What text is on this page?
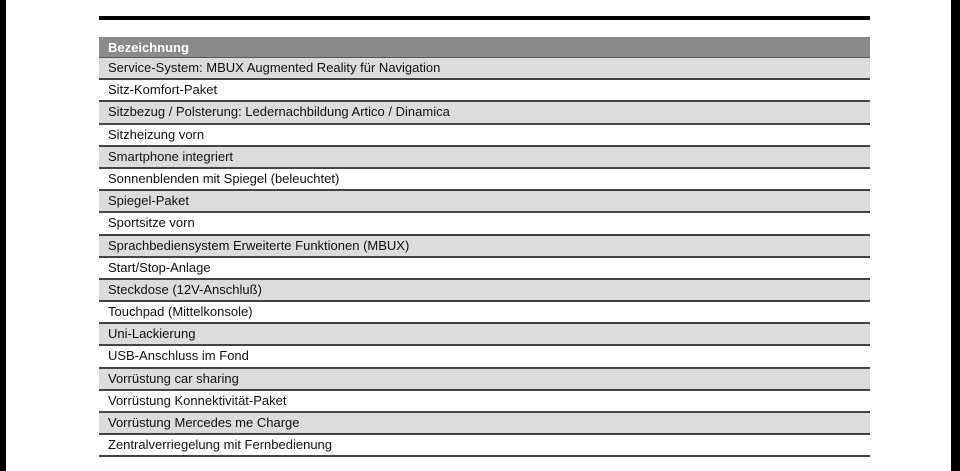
Bezeichnung
Service-System: MBUX Augmented Reality für Navigation
Sitz-Komfort-Paket
Sitzbezug / Polsterung: Ledernachbildung Artico / Dinamica
Sitzheizung vorn
Smartphone integriert
Sonnenblenden mit Spiegel (beleuchtet)
Spiegel-Paket
Sportsitze vorn
Sprachbediensystem Erweiterte Funktionen (MBUX)
Start/Stop-Anlage
Steckdose (12V-Anschluß)
Touchpad (Mittelkonsole)
Uni-Lackierung
USB-Anschluss im Fond
Vorrüstung car sharing
Vorrüstung Konnektivität-Paket
Vorrüstung Mercedes me Charge
Zentralverriegelung mit Fernbedienung
